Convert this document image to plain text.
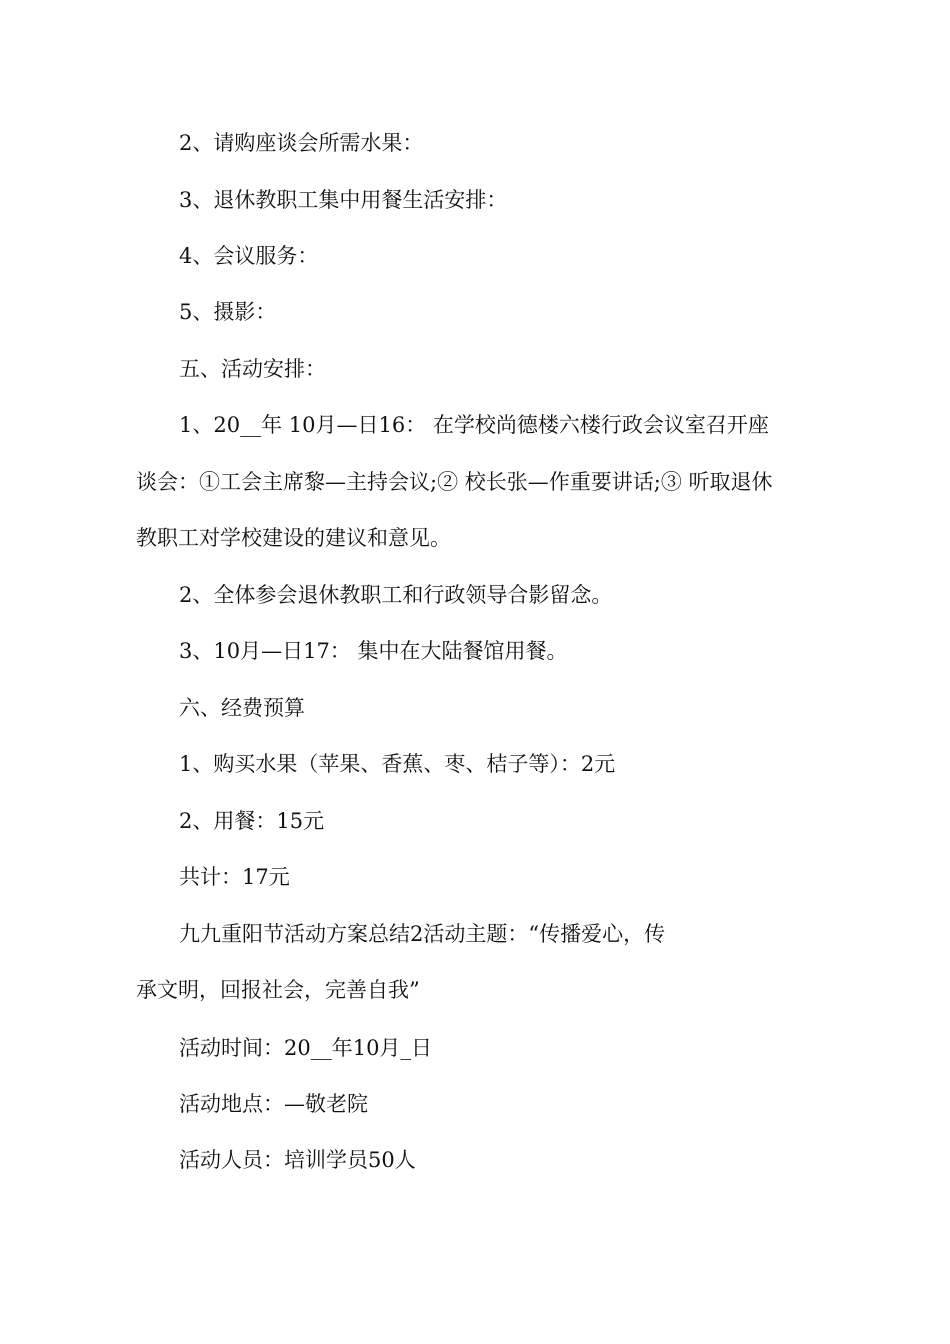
2、请购座谈会所需水果：

3、退休教职工集中用餐生活安排：

4、会议服务：

5、摄影：

五、活动安排：

1、20__年 10月—日16： 在学校尚德楼六楼行政会议室召开座

谈会：①工会主席黎—主持会议;② 校长张—作重要讲话;③ 听取退休

教职工对学校建设的建议和意见。

2、全体参会退休教职工和行政领导合影留念。

3、10月—日17： 集中在大陆餐馆用餐。

六、经费预算

1、购买水果（苹果、香蕉、枣、桔子等）：2元

2、用餐：15元

共计：17元

九九重阳节活动方案总结2活动主题：“传播爱心，传

承文明，回报社会，完善自我”

活动时间：20__年10月_日

活动地点：—敬老院

活动人员：培训学员50人
